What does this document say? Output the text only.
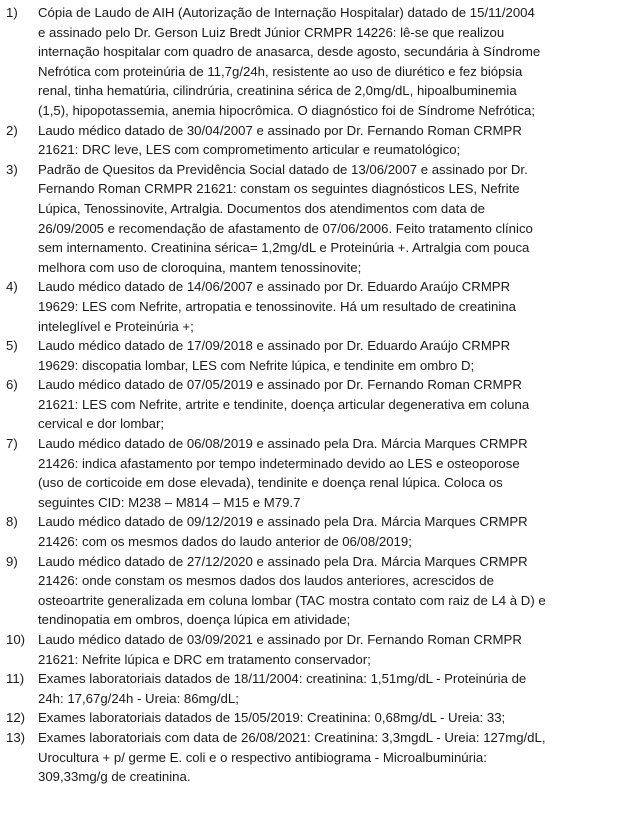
1)	Cópia de Laudo de AIH (Autorização de Internação Hospitalar) datado de 15/11/2004
e assinado pelo Dr. Gerson Luiz Bredt Júnior CRMPR 14226: lê-se que realizou
internação hospitalar com quadro de anasarca, desde agosto, secundária à Síndrome
Nefrótica com proteinúria de 11,7g/24h, resistente ao uso de diurético e fez biópsia
renal, tinha hematúria, cilindrúria, creatinina sérica de 2,0mg/dL, hipoalbuminemia
(1,5), hipopotassemia, anemia hipocrômica. O diagnóstico foi de Síndrome Nefrótica;
2)	Laudo médico datado de 30/04/2007 e assinado por Dr. Fernando Roman CRMPR
21621: DRC leve, LES com comprometimento articular e reumatológico;
3)	Padrão de Quesitos da Previdência Social datado de 13/06/2007 e assinado por Dr.
Fernando Roman CRMPR 21621: constam os seguintes diagnósticos LES, Nefrite
Lúpica, Tenossinovite, Artralgia. Documentos dos atendimentos com data de
26/09/2005 e recomendação de afastamento de 07/06/2006. Feito tratamento clínico
sem internamento. Creatinina sérica= 1,2mg/dL e Proteinúria +. Artralgia com pouca
melhora com uso de cloroquina, mantem tenossinovite;
4)	Laudo médico datado de 14/06/2007 e assinado por Dr. Eduardo Araújo CRMPR
19629: LES com Nefrite, artropatia e tenossinovite. Há um resultado de creatinina
inteleglível e Proteinúria +;
5)	Laudo médico datado de 17/09/2018 e assinado por Dr. Eduardo Araújo CRMPR
19629: discopatia lombar, LES com Nefrite lúpica, e tendinite em ombro D;
6)	Laudo médico datado de 07/05/2019 e assinado por Dr. Fernando Roman CRMPR
21621: LES com Nefrite, artrite e tendinite, doença articular degenerativa em coluna
cervical e dor lombar;
7)	Laudo médico datado de 06/08/2019 e assinado pela Dra. Márcia Marques CRMPR
21426: indica afastamento por tempo indeterminado devido ao LES e osteoporose
(uso de corticoide em dose elevada), tendinite e doença renal lúpica. Coloca os
seguintes CID: M238 – M814 – M15 e M79.7
8)	Laudo médico datado de 09/12/2019 e assinado pela Dra. Márcia Marques CRMPR
21426: com os mesmos dados do laudo anterior de 06/08/2019;
9)	Laudo médico datado de 27/12/2020 e assinado pela Dra. Márcia Marques CRMPR
21426: onde constam os mesmos dados dos laudos anteriores, acrescidos de
osteoartrite generalizada em coluna lombar (TAC mostra contato com raiz de L4 à D) e
tendinopatia em ombros, doença lúpica em atividade;
10) Laudo médico datado de 03/09/2021 e assinado por Dr. Fernando Roman CRMPR
21621: Nefrite lúpica e DRC em tratamento conservador;
11)	Exames laboratoriais datados de 18/11/2004: creatinina: 1,51mg/dL - Proteinúria de
24h: 17,67g/24h - Ureia: 86mg/dL;
12) Exames laboratoriais datados de 15/05/2019: Creatinina: 0,68mg/dL - Ureia: 33;
13) Exames laboratoriais com data de 26/08/2021: Creatinina: 3,3mgdL - Ureia: 127mg/dL,
Urocultura + p/ germe E. coli e o respectivo antibiograma - Microalbuminúria:
309,33mg/g de creatinina.
